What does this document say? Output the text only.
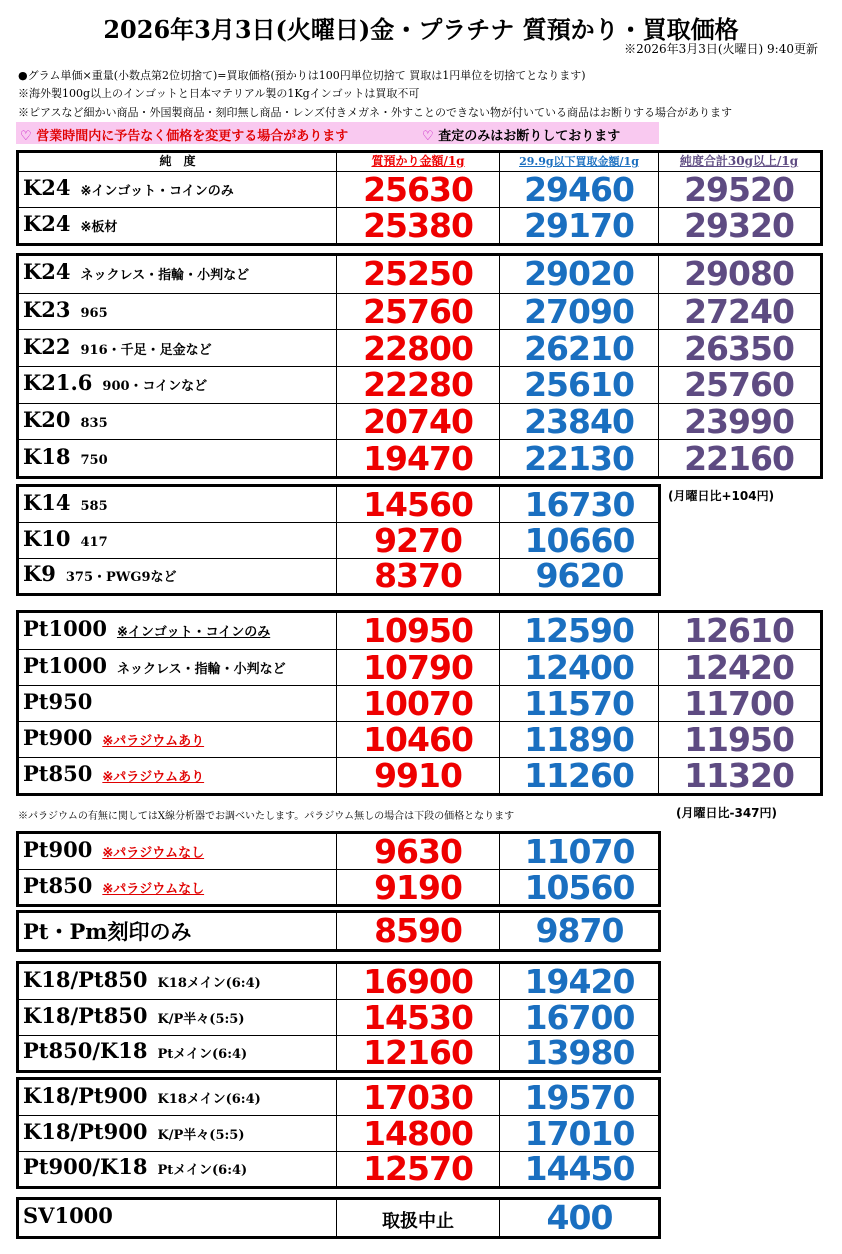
2026年3月3日(火曜日)金・プラチナ 質預かり・買取価格
※2026年3月3日(火曜日) 9:40更新
●グラム単価×重量(小数点第2位切捨て)=買取価格(預かりは100円単位切捨て 買取は1円単位を切捨てとなります)
※海外製100g以上のインゴットと日本マテリアル製の1Kgインゴットは買取不可
※ピアスなど細かい商品・外国製商品・刻印無し商品・レンズ付きメガネ・外すことのできない物が付いている商品はお断りする場合があります
♡ 営業時間内に予告なく価格を変更する場合があります	♡ 査定のみはお断りしております
純　度	質預かり金額/1g	29.9g以下買取金額/1g	純度合計30g以上/1g
K24 ※インゴット・コインのみ	25630	29460	29520
K24 ※板材	25380	29170	29320
K24 ネックレス・指輪・小判など	25250	29020	29080
K23 965	25760	27090	27240
K22 916・千足・足金など	22800	26210	26350
K21.6 900・コインなど	22280	25610	25760
K20 835	20740	23840	23990
K18 750	19470	22130	22160
K14 585	14560	16730
K10 417	9270	10660
K9 375・PWG9など	8370	9620
(月曜日比+104円)
Pt1000 ※インゴット・コインのみ	10950	12590	12610
Pt1000 ネックレス・指輪・小判など	10790	12400	12420
Pt950	10070	11570	11700
Pt900 ※パラジウムあり	10460	11890	11950
Pt850 ※パラジウムあり	9910	11260	11320
※パラジウムの有無に関してはX線分析器でお調べいたします。パラジウム無しの場合は下段の価格となります	(月曜日比-347円)
Pt900 ※パラジウムなし	9630	11070
Pt850 ※パラジウムなし	9190	10560
Pt・Pm刻印のみ	8590	9870
K18/Pt850 K18メイン(6:4)	16900	19420
K18/Pt850 K/P半々(5:5)	14530	16700
Pt850/K18 Ptメイン(6:4)	12160	13980
K18/Pt900 K18メイン(6:4)	17030	19570
K18/Pt900 K/P半々(5:5)	14800	17010
Pt900/K18 Ptメイン(6:4)	12570	14450
SV1000	取扱中止	400
